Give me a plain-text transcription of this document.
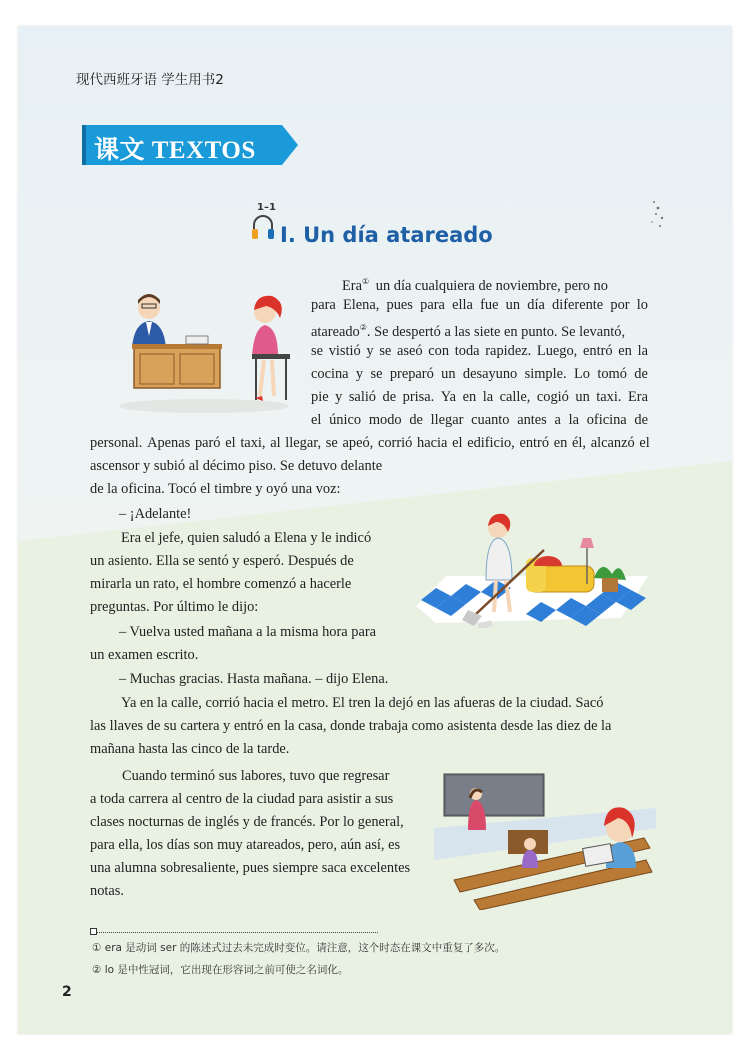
现代西班牙语 学生用书2
课文 TEXTOS
1–1
I. Un día atareado
Era① un día cualquiera de noviembre, pero no
para Elena, pues para ella fue un día diferente por lo
atareado②. Se despertó a las siete en punto. Se levantó,
se vistió y se aseó con toda rapidez. Luego, entró en la
cocina y se preparó un desayuno simple. Lo tomó de
pie y salió de prisa. Ya en la calle, cogió un taxi. Era
el único modo de llegar cuanto antes a la oficina de
personal. Apenas paró el taxi, al llegar, se apeó, corrió hacia el edificio, entró en él, alcanzó el
ascensor y subió al décimo piso. Se detuvo delante
de la oficina. Tocó el timbre y oyó una voz:
– ¡Adelante!
Era el jefe, quien saludó a Elena y le indicó
un asiento. Ella se sentó y esperó. Después de
mirarla un rato, el hombre comenzó a hacerle
preguntas. Por último le dijo:
– Vuelva usted mañana a la misma hora para
un examen escrito.
– Muchas gracias. Hasta mañana. – dijo Elena.
Ya en la calle, corrió hacia el metro. El tren la dejó en las afueras de la ciudad. Sacó
las llaves de su cartera y entró en la casa, donde trabaja como asistenta desde las diez de la
mañana hasta las cinco de la tarde.
Cuando terminó sus labores, tuvo que regresar
a toda carrera al centro de la ciudad para asistir a sus
clases nocturnas de inglés y de francés. Por lo general,
para ella, los días son muy atareados, pero, aún así, es
una alumna sobresaliente, pues siempre saca excelentes
notas.
① era 是动词 ser 的陈述式过去未完成时变位。请注意，这个时态在课文中重复了多次。
② lo 是中性冠词，它出现在形容词之前可使之名词化。
2
